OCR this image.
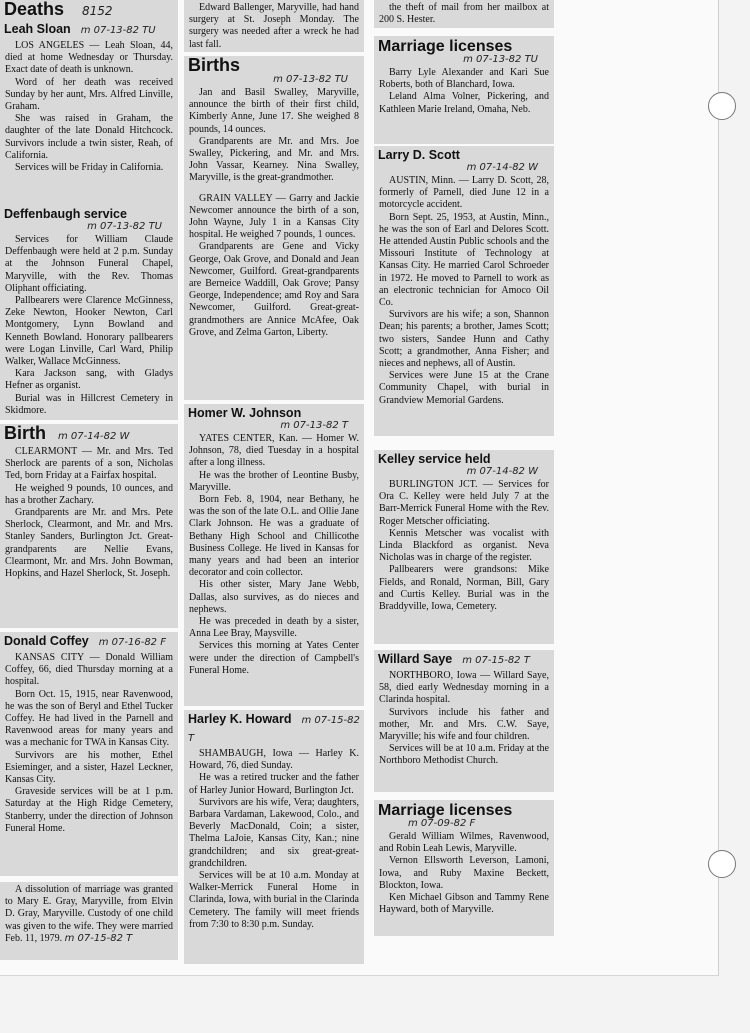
Deaths 8152
Leah Sloan m 07-13-82 TU

LOS ANGELES — Leah Sloan, 44, died at home Wednesday or Thursday. Exact date of death is unknown.

Word of her death was received Sunday by her aunt, Mrs. Alfred Linville, Graham.

She was raised in Graham, the daughter of the late Donald Hitchcock. Survivors include a twin sister, Reah, of California.

Services will be Friday in California.

Deffenbaugh service
m 07-13-82 TU

Services for William Claude Deffenbaugh were held at 2 p.m. Sunday at the Johnson Funeral Chapel, Maryville, with the Rev. Thomas Oliphant officiating.

Pallbearers were Clarence McGinness, Zeke Newton, Hooker Newton, Carl Montgomery, Lynn Bowland and Kenneth Bowland. Honorary pallbearers were Logan Linville, Carl Ward, Philip Walker, Wallace McGinness.

Kara Jackson sang, with Gladys Hefner as organist.

Burial was in Hillcrest Cemetery in Skidmore.

Birth m 07-14-82 W

CLEARMONT — Mr. and Mrs. Ted Sherlock are parents of a son, Nicholas Ted, born Friday at a Fairfax hospital.

He weighed 9 pounds, 10 ounces, and has a brother Zachary.

Grandparents are Mr. and Mrs. Pete Sherlock, Clearmont, and Mr. and Mrs. Stanley Sanders, Burlington Jct. Great-grandparents are Nellie Evans, Clearmont, Mr. and Mrs. John Bowman, Hopkins, and Hazel Sherlock, St. Joseph.

Donald Coffey m 07-16-82 F

KANSAS CITY — Donald William Coffey, 66, died Thursday morning at a hospital.

Born Oct. 15, 1915, near Ravenwood, he was the son of Beryl and Ethel Tucker Coffey. He had lived in the Parnell and Ravenwood areas for many years and was a mechanic for TWA in Kansas City.

Survivors are his mother, Ethel Esieminger, and a sister, Hazel Leckner, Kansas City.

Graveside services will be at 1 p.m. Saturday at the High Ridge Cemetery, Stanberry, under the direction of Johnson Funeral Home.

A dissolution of marriage was granted to Mary E. Gray, Maryville, from Elvin D. Gray, Maryville. Custody of one child was given to the wife. They were married Feb. 11, 1979. m 07-15-82 T

Edward Ballenger, Maryville, had hand surgery at St. Joseph Monday. The surgery was needed after a wreck he had last fall.

Births
m 07-13-82 TU

Jan and Basil Swalley, Maryville, announce the birth of their first child, Kimberly Anne, June 17. She weighed 8 pounds, 14 ounces.

Grandparents are Mr. and Mrs. Joe Swalley, Pickering, and Mr. and Mrs. John Vassar, Kearney. Nina Swalley, Maryville, is the great-grandmother.

GRAIN VALLEY — Garry and Jackie Newcomer announce the birth of a son, John Wayne, July 1 in a Kansas City hospital. He weighed 7 pounds, 1 ounces.

Grandparents are Gene and Vicky George, Oak Grove, and Donald and Jean Newcomer, Guilford. Great-grandparents are Berneice Waddill, Oak Grove; Pansy George, Independence; amd Roy and Sara Newcomer, Guilford. Great-great-grandmothers are Annice McAfee, Oak Grove, and Zelma Garton, Liberty.

Homer W. Johnson
m 07-13-82 T

YATES CENTER, Kan. — Homer W. Johnson, 78, died Tuesday in a hospital after a long illness.

He was the brother of Leontine Busby, Maryville.

Born Feb. 8, 1904, near Bethany, he was the son of the late O.L. and Ollie Jane Clark Johnson. He was a graduate of Bethany High School and Chillicothe Business College. He lived in Kansas for many years and had been an interior decorator and coin collector.

His other sister, Mary Jane Webb, Dallas, also survives, as do nieces and nephews.

He was preceded in death by a sister, Anna Lee Bray, Maysville.

Services this morning at Yates Center were under the direction of Campbell's Funeral Home.

Harley K. Howard m 07-15-82 T

SHAMBAUGH, Iowa — Harley K. Howard, 76, died Sunday.

He was a retired trucker and the father of Harley Junior Howard, Burlington Jct.

Survivors are his wife, Vera; daughters, Barbara Vardaman, Lakewood, Colo., and Beverly MacDonald, Coin; a sister, Thelma LaJoie, Kansas City, Kan.; nine grandchildren; and six great-great-grandchildren.

Services will be at 10 a.m. Monday at Walker-Merrick Funeral Home in Clarinda, Iowa, with burial in the Clarinda Cemetery. The family will meet friends from 7:30 to 8:30 p.m. Sunday.

the theft of mail from her mailbox at 200 S. Hester.

Marriage licenses
m 07-13-82 TU

Barry Lyle Alexander and Kari Sue Roberts, both of Blanchard, Iowa.

Leland Alma Volner, Pickering, and Kathleen Marie Ireland, Omaha, Neb.

Larry D. Scott
m 07-14-82 W

AUSTIN, Minn. — Larry D. Scott, 28, formerly of Parnell, died June 12 in a motorcycle accident.

Born Sept. 25, 1953, at Austin, Minn., he was the son of Earl and Delores Scott. He attended Austin Public schools and the Missouri Institute of Technology at Kansas City. He married Carol Schroeder in 1972. He moved to Parnell to work as an electronic technician for Amoco Oil Co.

Survivors are his wife; a son, Shannon Dean; his parents; a brother, James Scott; two sisters, Sandee Hunn and Cathy Scott; a grandmother, Anna Fisher; and nieces and nephews, all of Austin.

Services were June 15 at the Crane Community Chapel, with burial in Grandview Memorial Gardens.

Kelley service held
m 07-14-82 W

BURLINGTON JCT. — Services for Ora C. Kelley were held July 7 at the Barr-Merrick Funeral Home with the Rev. Roger Metscher officiating.

Kennis Metscher was vocalist with Linda Blackford as organist. Neva Nicholas was in charge of the register.

Pallbearers were grandsons: Mike Fields, and Ronald, Norman, Bill, Gary and Curtis Kelley. Burial was in the Braddyville, Iowa, Cemetery.

Willard Saye m 07-15-82 T

NORTHBORO, Iowa — Willard Saye, 58, died early Wednesday morning in a Clarinda hospital.

Survivors include his father and mother, Mr. and Mrs. C.W. Saye, Maryville; his wife and four children.

Services will be at 10 a.m. Friday at the Northboro Methodist Church.

Marriage licenses
m 07-09-82 F

Gerald William Wilmes, Ravenwood, and Robin Leah Lewis, Maryville.

Vernon Ellsworth Leverson, Lamoni, Iowa, and Ruby Maxine Beckett, Blockton, Iowa.

Ken Michael Gibson and Tammy Rene Hayward, both of Maryville.
